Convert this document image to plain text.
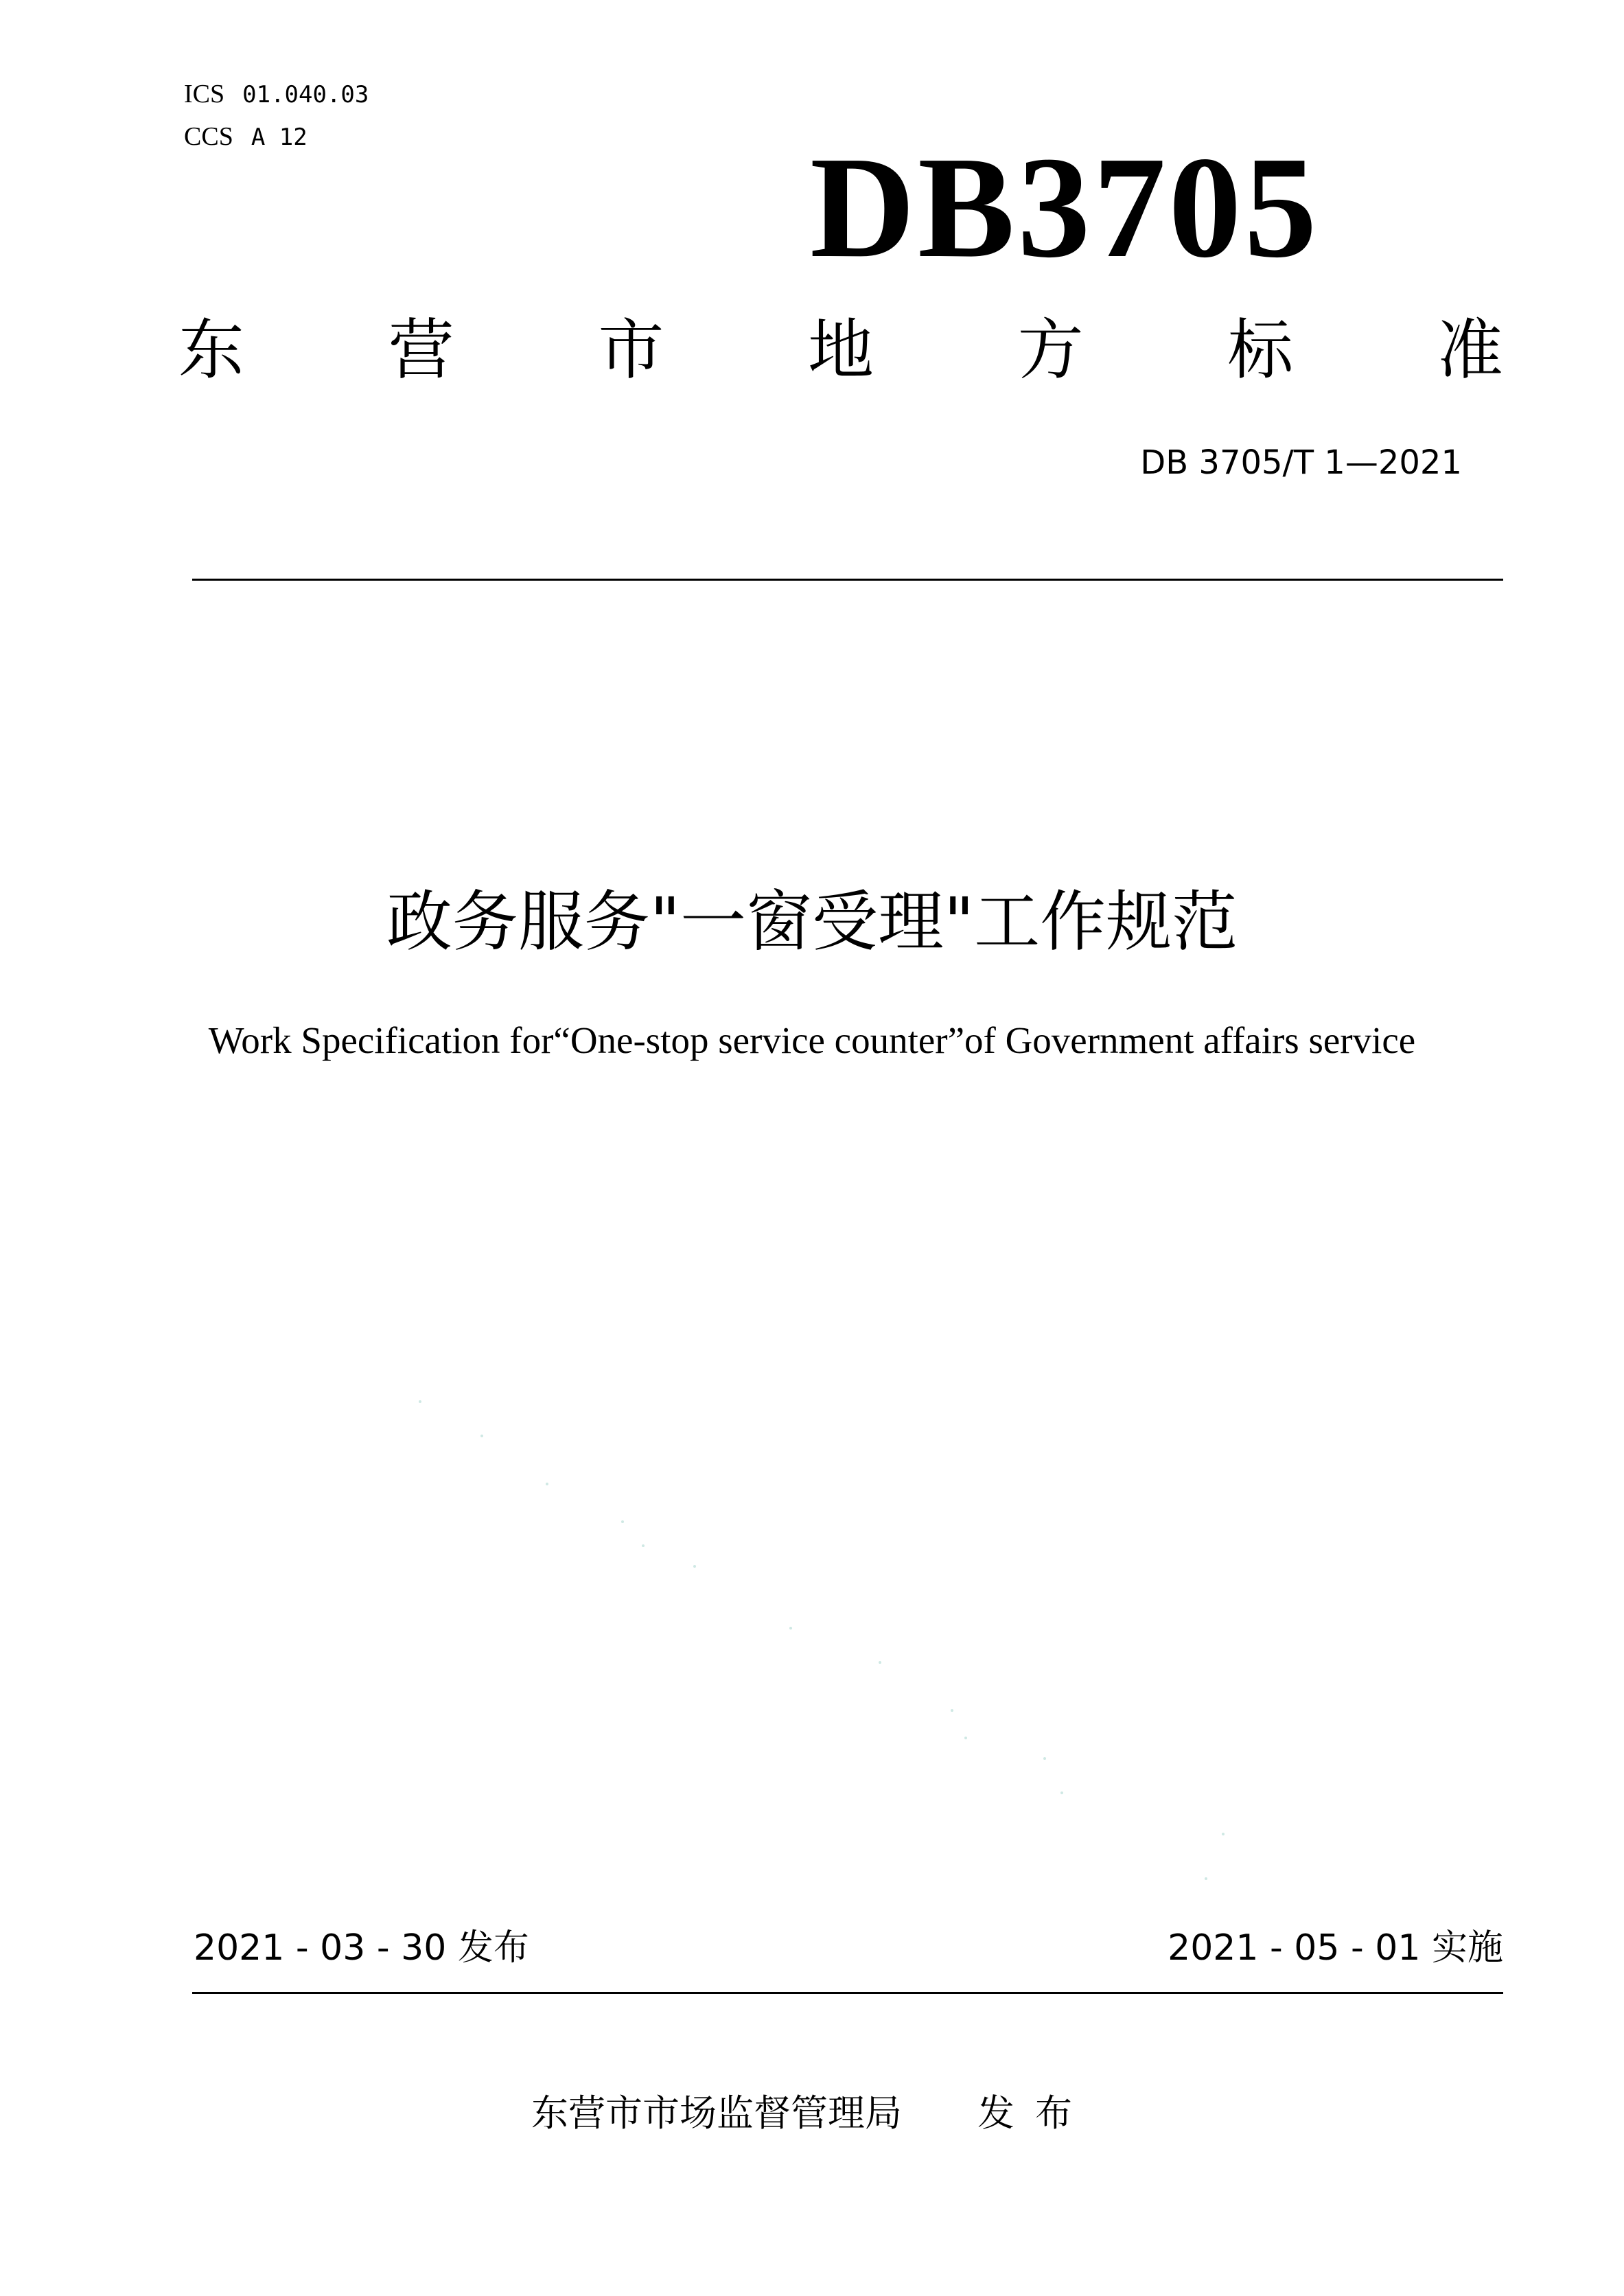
ICS 01.040.03
CCS A 12	DB3705
东 营 市 地 方 标 准
DB 3705/T 1—2021
政务服务"一窗受理"工作规范
Work Specification for“One-stop service counter”of Government affairs service
2021 - 03 - 30 发布	2021 - 05 - 01 实施
东营市市场监督管理局 发布
